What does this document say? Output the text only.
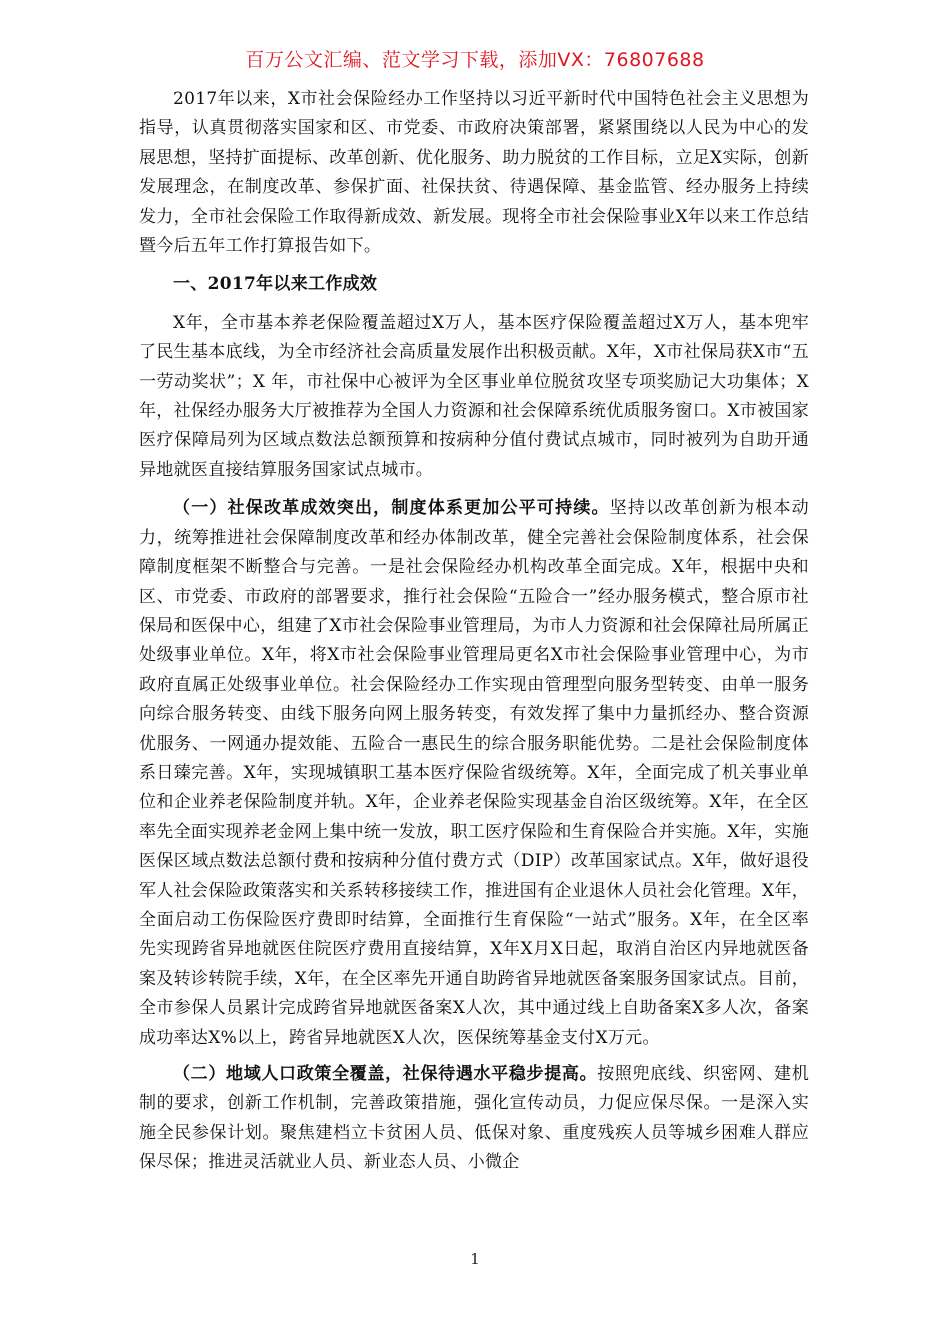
百万公文汇编、范文学习下载，添加VX：76807688

2017年以来，X市社会保险经办工作坚持以习近平新时代中国特色社会主义思想为指导，认真贯彻落实国家和区、市党委、市政府决策部署，紧紧围绕以人民为中心的发展思想，坚持扩面提标、改革创新、优化服务、助力脱贫的工作目标，立足X实际，创新发展理念，在制度改革、参保扩面、社保扶贫、待遇保障、基金监管、经办服务上持续发力，全市社会保险工作取得新成效、新发展。现将全市社会保险事业X年以来工作总结暨今后五年工作打算报告如下。

一、2017年以来工作成效

X年，全市基本养老保险覆盖超过X万人，基本医疗保险覆盖超过X万人，基本兜牢了民生基本底线，为全市经济社会高质量发展作出积极贡献。X年，X市社保局获X市“五一劳动奖状”；X 年，市社保中心被评为全区事业单位脱贫攻坚专项奖励记大功集体；X年，社保经办服务大厅被推荐为全国人力资源和社会保障系统优质服务窗口。X市被国家医疗保障局列为区域点数法总额预算和按病种分值付费试点城市，同时被列为自助开通异地就医直接结算服务国家试点城市。

（一）社保改革成效突出，制度体系更加公平可持续。坚持以改革创新为根本动力，统筹推进社会保障制度改革和经办体制改革，健全完善社会保险制度体系，社会保障制度框架不断整合与完善。一是社会保险经办机构改革全面完成。X年，根据中央和区、市党委、市政府的部署要求，推行社会保险“五险合一”经办服务模式，整合原市社保局和医保中心，组建了X市社会保险事业管理局，为市人力资源和社会保障社局所属正处级事业单位。X年，将X市社会保险事业管理局更名X市社会保险事业管理中心，为市政府直属正处级事业单位。社会保险经办工作实现由管理型向服务型转变、由单一服务向综合服务转变、由线下服务向网上服务转变，有效发挥了集中力量抓经办、整合资源优服务、一网通办提效能、五险合一惠民生的综合服务职能优势。二是社会保险制度体系日臻完善。X年，实现城镇职工基本医疗保险省级统筹。X年，全面完成了机关事业单位和企业养老保险制度并轨。X年，企业养老保险实现基金自治区级统筹。X年，在全区率先全面实现养老金网上集中统一发放，职工医疗保险和生育保险合并实施。X年，实施医保区域点数法总额付费和按病种分值付费方式（DIP）改革国家试点。X年，做好退役军人社会保险政策落实和关系转移接续工作，推进国有企业退休人员社会化管理。X年，全面启动工伤保险医疗费即时结算，全面推行生育保险“一站式”服务。X年，在全区率先实现跨省异地就医住院医疗费用直接结算，X年X月X日起，取消自治区内异地就医备案及转诊转院手续，X年，在全区率先开通自助跨省异地就医备案服务国家试点。目前，全市参保人员累计完成跨省异地就医备案X人次，其中通过线上自助备案X多人次，备案成功率达X%以上，跨省异地就医X人次，医保统筹基金支付X万元。

（二）地域人口政策全覆盖，社保待遇水平稳步提高。按照兜底线、织密网、建机制的要求，创新工作机制，完善政策措施，强化宣传动员，力促应保尽保。一是深入实施全民参保计划。聚焦建档立卡贫困人员、低保对象、重度残疾人员等城乡困难人群应保尽保；推进灵活就业人员、新业态人员、小微企

1
